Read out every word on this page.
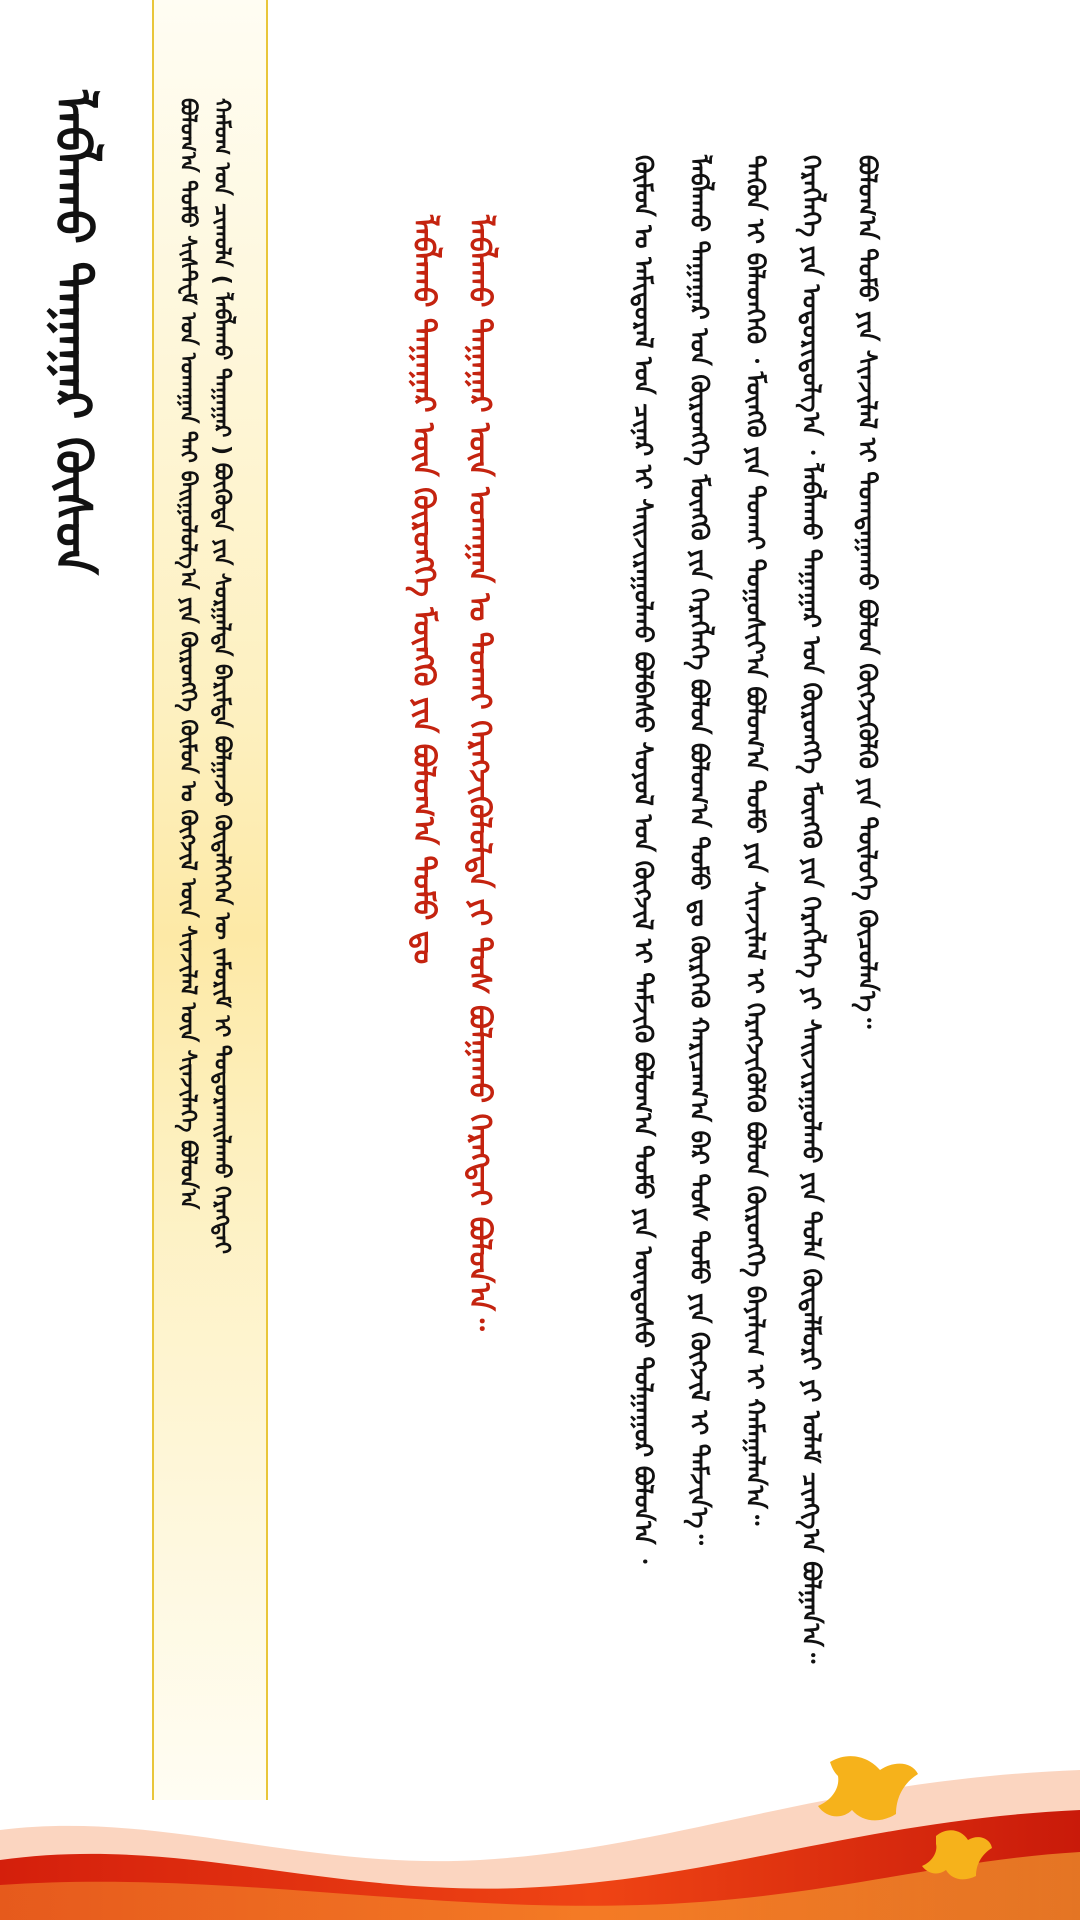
ᠯᠠᠪᠯᠠᠬᠤ ᠳᠠᠭᠠᠭᠠᠷ ᠬᠦᠰᠦᠨ	ᠪᠤᠯᠤᠭ᠎ᠠ ᠲᠤᠮᠤ ᠰᠢᠰᠲ᠋ᠧᠮ ᠤᠨ ᠤᠬᠠᠭᠠᠨ ᠲᠠᠢ ᠪᠠᠢᠭᠤᠯᠤᠯᠭ᠎ᠠ ᠶᠢᠨ ᠬᠥᠷᠦᠩᠭᠡ ᠬᠥᠮᠦᠨ ᠤ ᠬᠥᠭᠵᠢᠯ ᠦᠨ ᠰᠢᠨᠵᠢᠯᠡᠯ ᠦᠨ ᠰᠢᠨᠵᠢᠯᠡᠭᠡ ᠪᠤᠯᠤᠨ᠎ᠠ ᠬᠠᠮᠤᠭ ᠤᠨ ᠴᠢᠬᠤᠯᠠ ( ᠯᠠᠪᠯᠠᠬᠤ ᠳᠠᠭᠠᠭᠠᠷ ) ᠪᠦᠭᠦᠳᠡ ᠶᠢᠨ ᠰᠤᠷᠭᠠᠯᠲᠠ ᠪᠠᠷᠢᠮᠲᠠ ᠪᠤᠯᠭᠠᠵᠤ ᠬᠥᠳᠡᠯᠭᠡᠭᠡᠨ ᠦ ᠵᠠᠮᠤᠷᠢᠮ ᠢ ᠲᠤᠳᠤᠷᠬᠠᠢᠯᠠᠬᠤ ᠬᠡᠷᠡᠭᠲᠡᠢ	ᠯᠠᠪᠯᠠᠬᠤ ᠳᠠᠭᠠᠭᠠᠷ ᠦᠨ ᠬᠥᠷᠦᠩᠭᠡ ᠮᠥᠩᠭᠥ ᠶᠢᠨ ᠪᠤᠯᠤᠭ᠎ᠠ ᠲᠤᠮᠤ ᠳᠤ ᠯᠠᠪᠯᠠᠬᠤ ᠳᠠᠭᠠᠭᠠᠷ ᠦᠨ ᠤᠬᠠᠭᠠᠨ ᠤ ᠲᠤᠬᠠᠢ ᠬᠡᠷᠡᠭᠵᠢᠭᠦᠯᠦᠯᠲᠡ ᠶᠢ ᠲᠤᠰ ᠪᠤᠯᠭᠠᠬᠤ ᠬᠡᠷᠡᠭᠲᠡᠢ ᠪᠤᠯᠤᠨ᠎ᠠ᠃	ᠬᠦᠮᠦᠨ ᠤ ᠠᠮᠢᠳᠤᠷᠠᠯ ᠤᠨ ᠴᠢᠨᠠᠷ ᠢ ᠰᠠᠢᠵᠢᠷᠠᠭᠤᠯᠬᠤ ᠪᠤᠯᠪᠠᠰᠤ ᠰᠣᠶᠤᠯ ᠤᠨ ᠬᠥᠭᠵᠢᠯ ᠢ ᠳᠡᠮᠵᠢᠬᠦ ᠪᠤᠯᠤᠭ᠎ᠠ ᠲᠤᠮᠤ ᠶᠢᠨ ᠦᠨᠳᠦᠰᠦ ᠲᠤᠯᠭᠠᠭᠤᠷ ᠪᠤᠯᠤᠨ᠎ᠠ ᠂	ᠯᠠᠪᠯᠠᠬᠤ ᠳᠠᠭᠠᠭᠠᠷ ᠤᠨ ᠬᠥᠷᠦᠩᠭᠡ ᠮᠥᠩᠭᠥ ᠶᠢᠨ ᠬᠡᠷᠡᠭᠯᠡᠭᠡ ᠪᠤᠯᠤᠨ ᠪᠤᠯᠤᠭ᠎ᠠ ᠲᠤᠮᠤ ᠳᠤ ᠬᠦᠷᠭᠡᠬᠦ ᠬᠠᠷᠢᠴᠠᠭ᠎ᠠ ᠪᠠᠷ ᠲᠤᠰ ᠲᠤᠮᠤ ᠶᠢᠨ ᠬᠥᠭᠵᠢᠯ ᠢ ᠳᠡᠮᠵᠢᠨ᠎ᠡ᠃	ᠲᠡᠭᠦᠨ ᠢ ᠪᠡᠯᠡᠳᠬᠡᠬᠦ ᠂ ᠮᠥᠩᠭᠥ ᠶᠢᠨ ᠲᠤᠬᠠᠢ ᠲᠤᠭᠤᠰᠢᠶ᠎ᠠ ᠪᠤᠯᠤᠭ᠎ᠠ ᠲᠤᠮᠤ ᠶᠢᠨ ᠰᠢᠨᠵᠢᠯᠡᠯ ᠢ ᠬᠡᠷᠡᠭᠵᠢᠭᠦᠯᠬᠦ ᠪᠤᠯᠤᠨ ᠬᠥᠷᠦᠩᠭᠡ ᠪᠠᠶᠠᠯᠢᠭ ᠢ ᠬᠠᠮᠠᠭᠠᠯᠠᠨ᠎ᠠ᠃	ᠬᠡᠷᠡᠭᠯᠡᠭᠡ ᠶᠢᠨ ᠤᠳᠤᠷᠢᠳᠤᠯᠭ᠎ᠠ ᠂ ᠯᠠᠪᠯᠠᠬᠤ ᠳᠠᠭᠠᠭᠠᠷ ᠤᠨ ᠬᠥᠷᠦᠩᠭᠡ ᠮᠥᠩᠭᠥ ᠶᠢᠨ ᠬᠡᠷᠡᠭᠯᠡᠭᠡ ᠶᠢ ᠰᠠᠢᠵᠢᠷᠠᠭᠤᠯᠬᠤ ᠶᠢᠨ ᠲᠤᠯᠠ ᠬᠥᠳᠡᠯᠮᠦᠷᠢ ᠶᠢ ᠤᠯᠠᠮ ᠴᠢᠩᠭ᠎ᠠ ᠪᠤᠯᠭᠠᠨ᠎ᠠ᠃	ᠪᠤᠯᠤᠭ᠎ᠠ ᠲᠤᠮᠤ ᠶᠢᠨ ᠰᠢᠨᠵᠢᠯᠡᠯ ᠢ ᠲᠤᠭᠲᠠᠭᠠᠬᠤ ᠪᠤᠯᠤᠨ ᠬᠥᠭᠵᠢᠭᠦᠯᠬᠦ ᠶᠢᠨ ᠲᠥᠯᠦᠭᠡ ᠬᠦᠴᠦᠯᠡᠨ᠎ᠡ᠃
